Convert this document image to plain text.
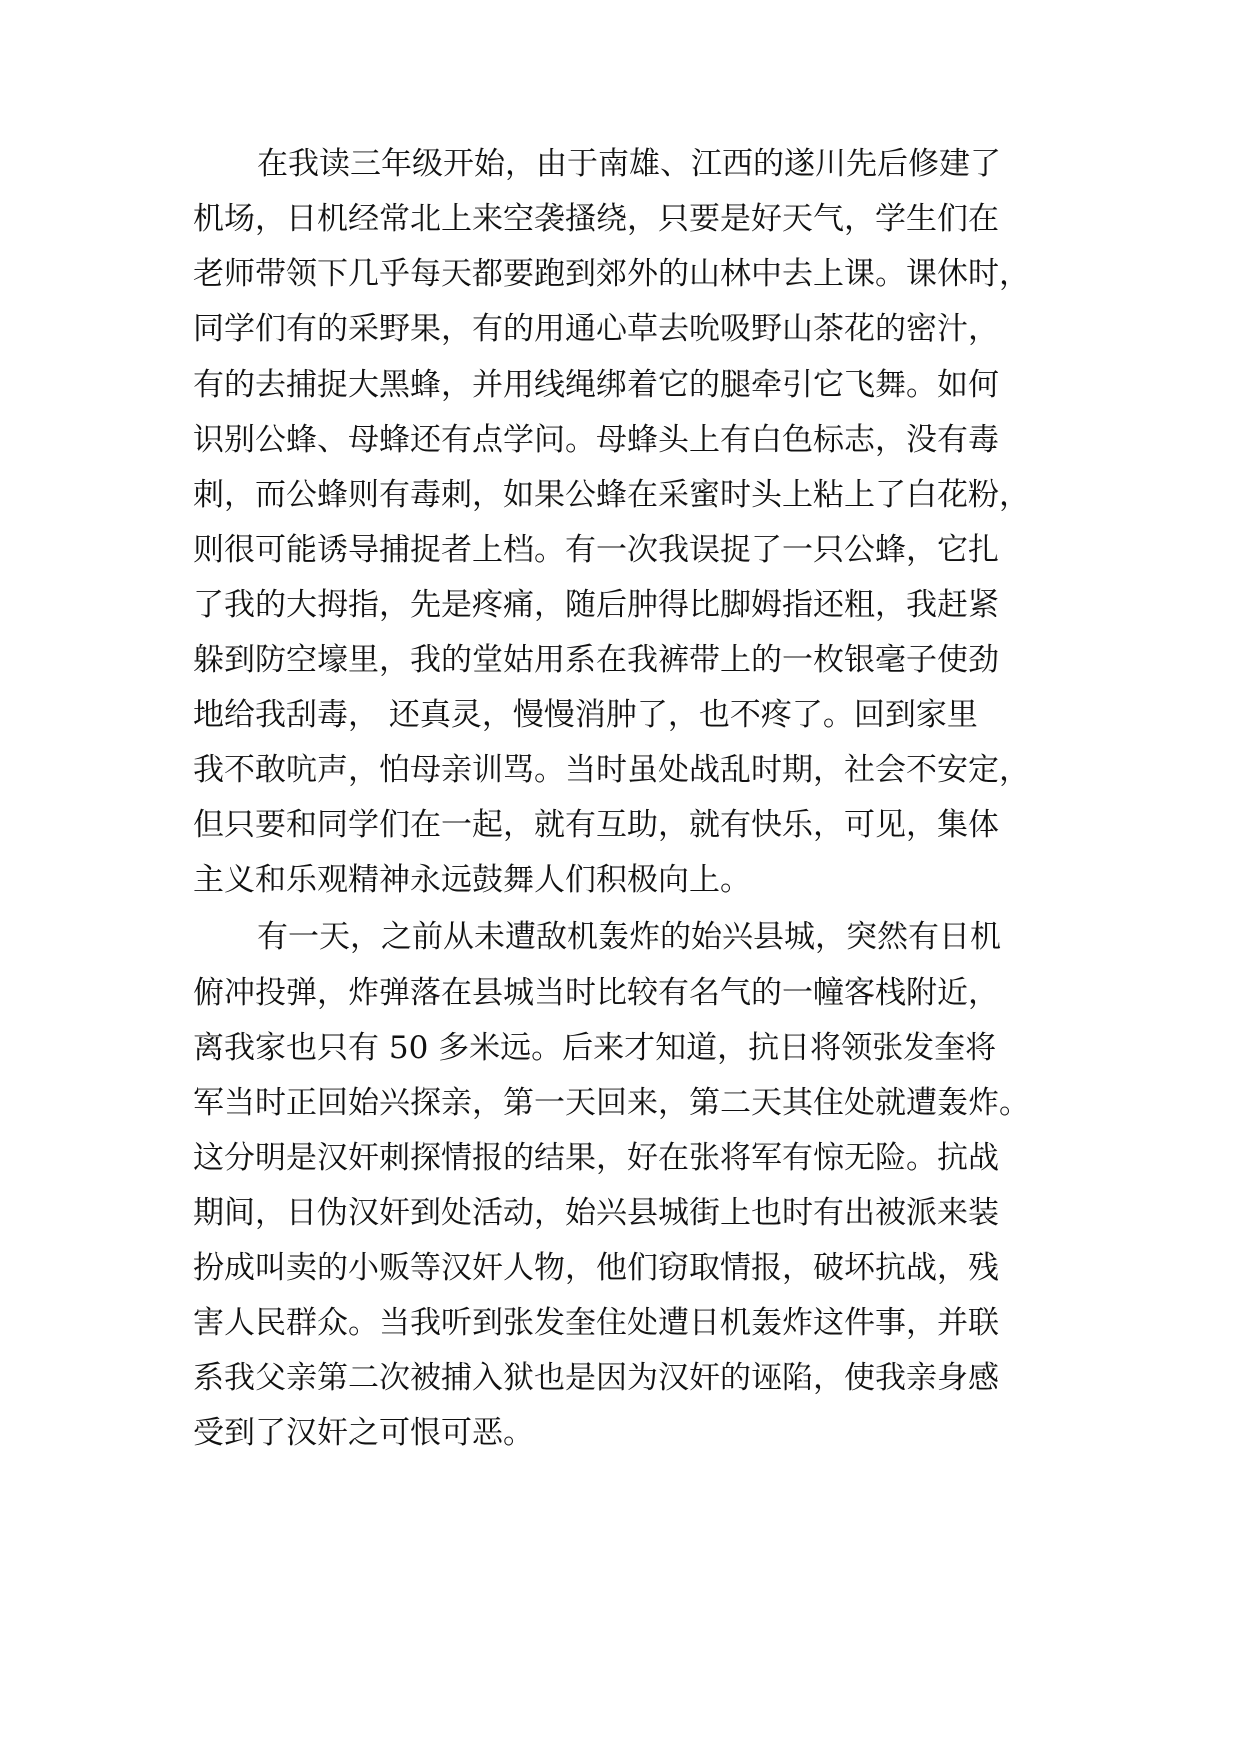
在我读三年级开始，由于南雄、江西的遂川先后修建了
机场，日机经常北上来空袭搔绕，只要是好天气，学生们在
老师带领下几乎每天都要跑到郊外的山林中去上课。课休时，
同学们有的采野果，有的用通心草去吮吸野山茶花的密汁，
有的去捕捉大黑蜂，并用线绳绑着它的腿牵引它飞舞。如何
识别公蜂、母蜂还有点学问。母蜂头上有白色标志，没有毒
刺，而公蜂则有毒刺，如果公蜂在采蜜时头上粘上了白花粉，
则很可能诱导捕捉者上档。有一次我误捉了一只公蜂，它扎
了我的大拇指，先是疼痛，随后肿得比脚姆指还粗，我赶紧
躲到防空壕里，我的堂姑用系在我裤带上的一枚银毫子使劲
地给我刮毒， 还真灵，慢慢消肿了，也不疼了。回到家里
我不敢吭声，怕母亲训骂。当时虽处战乱时期，社会不安定，
但只要和同学们在一起，就有互助，就有快乐，可见，集体
主义和乐观精神永远鼓舞人们积极向上。
有一天，之前从未遭敌机轰炸的始兴县城，突然有日机
俯冲投弹，炸弹落在县城当时比较有名气的一幢客栈附近，
离我家也只有 50 多米远。后来才知道，抗日将领张发奎将
军当时正回始兴探亲，第一天回来，第二天其住处就遭轰炸。
这分明是汉奸刺探情报的结果，好在张将军有惊无险。抗战
期间，日伪汉奸到处活动，始兴县城街上也时有出被派来装
扮成叫卖的小贩等汉奸人物，他们窃取情报，破坏抗战，残
害人民群众。当我听到张发奎住处遭日机轰炸这件事，并联
系我父亲第二次被捕入狱也是因为汉奸的诬陷，使我亲身感
受到了汉奸之可恨可恶。
